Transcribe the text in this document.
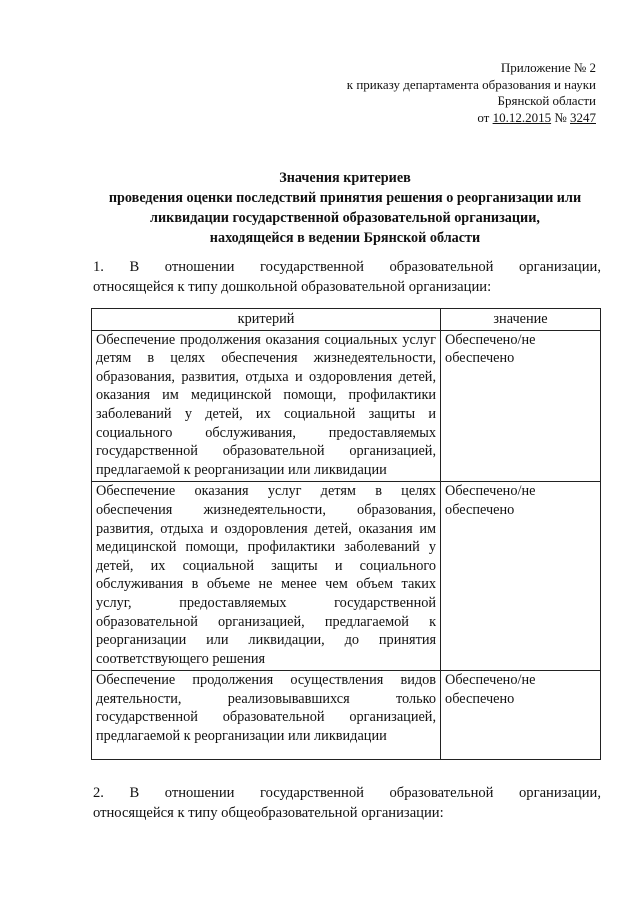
Приложение № 2
к приказу департамента образования и науки
Брянской области
от 10.12.2015 № 3247
Значения критериев
проведения оценки последствий принятия решения о реорганизации или
ликвидации государственной образовательной организации,
находящейся в ведении Брянской области
1. В отношении государственной образовательной организации,
относящейся к типу дошкольной образовательной организации:
критерий	значение
Обеспечение продолжения оказания социальных услуг детям в целях обеспечения жизнедеятельности, образования, развития, отдыха и оздоровления детей, оказания им медицинской помощи, профилактики заболеваний у детей, их социальной защиты и социального обслуживания, предоставляемых государственной образовательной организацией, предлагаемой к реорганизации или ликвидации	Обеспечено/не обеспечено
Обеспечение оказания услуг детям в целях обеспечения жизнедеятельности, образования, развития, отдыха и оздоровления детей, оказания им медицинской помощи, профилактики заболеваний у детей, их социальной защиты и социального обслуживания в объеме не менее чем объем таких услуг, предоставляемых государственной образовательной организацией, предлагаемой к реорганизации или ликвидации, до принятия соответствующего решения	Обеспечено/не обеспечено
Обеспечение продолжения осуществления видов деятельности, реализовывавшихся только государственной образовательной организацией, предлагаемой к реорганизации или ликвидации	Обеспечено/не обеспечено
2. В отношении государственной образовательной организации,
относящейся к типу общеобразовательной организации:
